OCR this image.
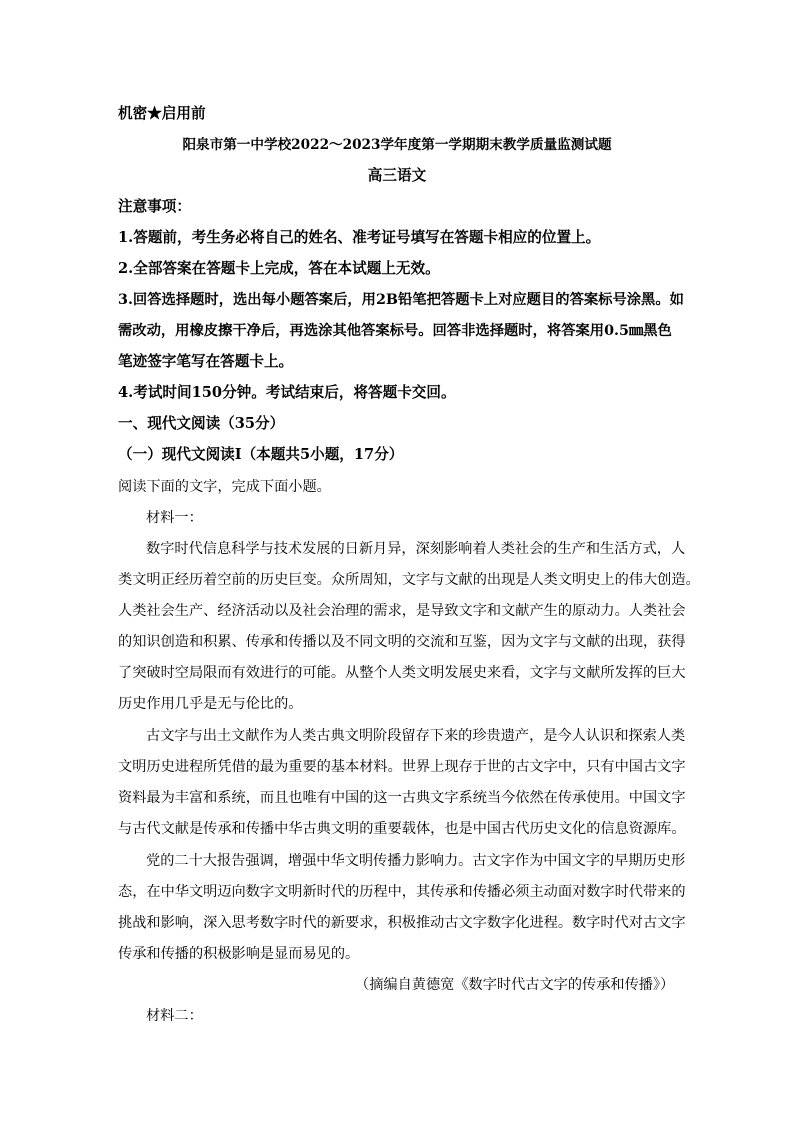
机密★启用前
阳泉市第一中学校2022～2023学年度第一学期期末教学质量监测试题
高三语文
注意事项：
1.答题前，考生务必将自己的姓名、准考证号填写在答题卡相应的位置上。
2.全部答案在答题卡上完成，答在本试题上无效。
3.回答选择题时，选出每小题答案后，用2B铅笔把答题卡上对应题目的答案标号涂黑。如
需改动，用橡皮擦干净后，再选涂其他答案标号。回答非选择题时，将答案用0.5㎜黑色
笔迹签字笔写在答题卡上。
4.考试时间150分钟。考试结束后，将答题卡交回。
一、现代文阅读（35分）
（一）现代文阅读Ⅰ（本题共5小题，17分）
阅读下面的文字，完成下面小题。
材料一：
数字时代信息科学与技术发展的日新月异，深刻影响着人类社会的生产和生活方式，人
类文明正经历着空前的历史巨变。众所周知，文字与文献的出现是人类文明史上的伟大创造。
人类社会生产、经济活动以及社会治理的需求，是导致文字和文献产生的原动力。人类社会
的知识创造和积累、传承和传播以及不同文明的交流和互鉴，因为文字与文献的出现，获得
了突破时空局限而有效进行的可能。从整个人类文明发展史来看，文字与文献所发挥的巨大
历史作用几乎是无与伦比的。
古文字与出土文献作为人类古典文明阶段留存下来的珍贵遗产，是今人认识和探索人类
文明历史进程所凭借的最为重要的基本材料。世界上现存于世的古文字中，只有中国古文字
资料最为丰富和系统，而且也唯有中国的这一古典文字系统当今依然在传承使用。中国文字
与古代文献是传承和传播中华古典文明的重要载体，也是中国古代历史文化的信息资源库。
党的二十大报告强调，增强中华文明传播力影响力。古文字作为中国文字的早期历史形
态，在中华文明迈向数字文明新时代的历程中，其传承和传播必须主动面对数字时代带来的
挑战和影响，深入思考数字时代的新要求，积极推动古文字数字化进程。数字时代对古文字
传承和传播的积极影响是显而易见的。
（摘编自黄德宽《数字时代古文字的传承和传播》）
材料二：
